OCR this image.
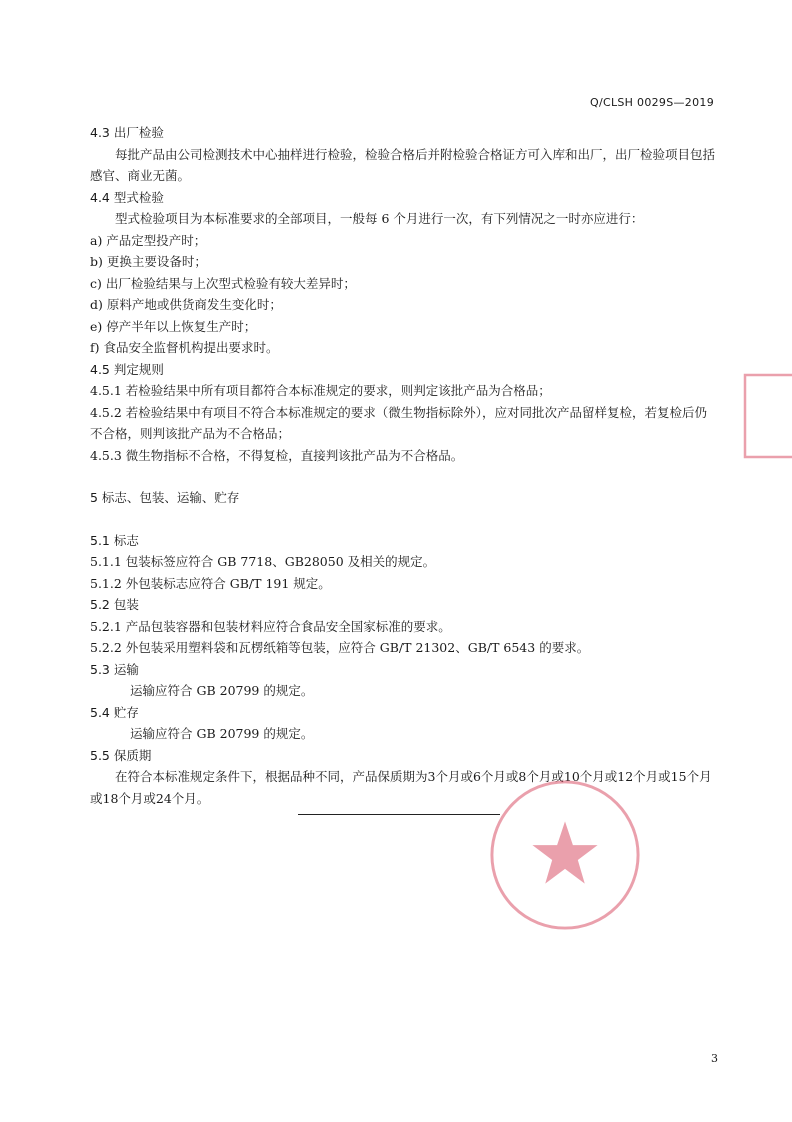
Q/CLSH 0029S—2019
4.3 出厂检验
每批产品由公司检测技术中心抽样进行检验，检验合格后并附检验合格证方可入库和出厂，出厂检验项目包括感官、商业无菌。
4.4 型式检验
型式检验项目为本标准要求的全部项目，一般每 6 个月进行一次，有下列情况之一时亦应进行：
a) 产品定型投产时；
b) 更换主要设备时；
c) 出厂检验结果与上次型式检验有较大差异时；
d) 原料产地或供货商发生变化时；
e) 停产半年以上恢复生产时；
f) 食品安全监督机构提出要求时。
4.5 判定规则
4.5.1 若检验结果中所有项目都符合本标准规定的要求，则判定该批产品为合格品；
4.5.2 若检验结果中有项目不符合本标准规定的要求（微生物指标除外），应对同批次产品留样复检，若复检后仍不合格，则判该批产品为不合格品；
4.5.3 微生物指标不合格，不得复检，直接判该批产品为不合格品。
5 标志、包装、运输、贮存
5.1 标志
5.1.1 包装标签应符合 GB 7718、GB28050 及相关的规定。
5.1.2 外包装标志应符合 GB/T 191 规定。
5.2 包装
5.2.1 产品包装容器和包装材料应符合食品安全国家标准的要求。
5.2.2 外包装采用塑料袋和瓦楞纸箱等包装，应符合 GB/T 21302、GB/T 6543 的要求。
5.3 运输
运输应符合 GB 20799 的规定。
5.4 贮存
运输应符合 GB 20799 的规定。
5.5 保质期
在符合本标准规定条件下，根据品种不同，产品保质期为3个月或6个月或8个月或10个月或12个月或15个月或18个月或24个月。
3
